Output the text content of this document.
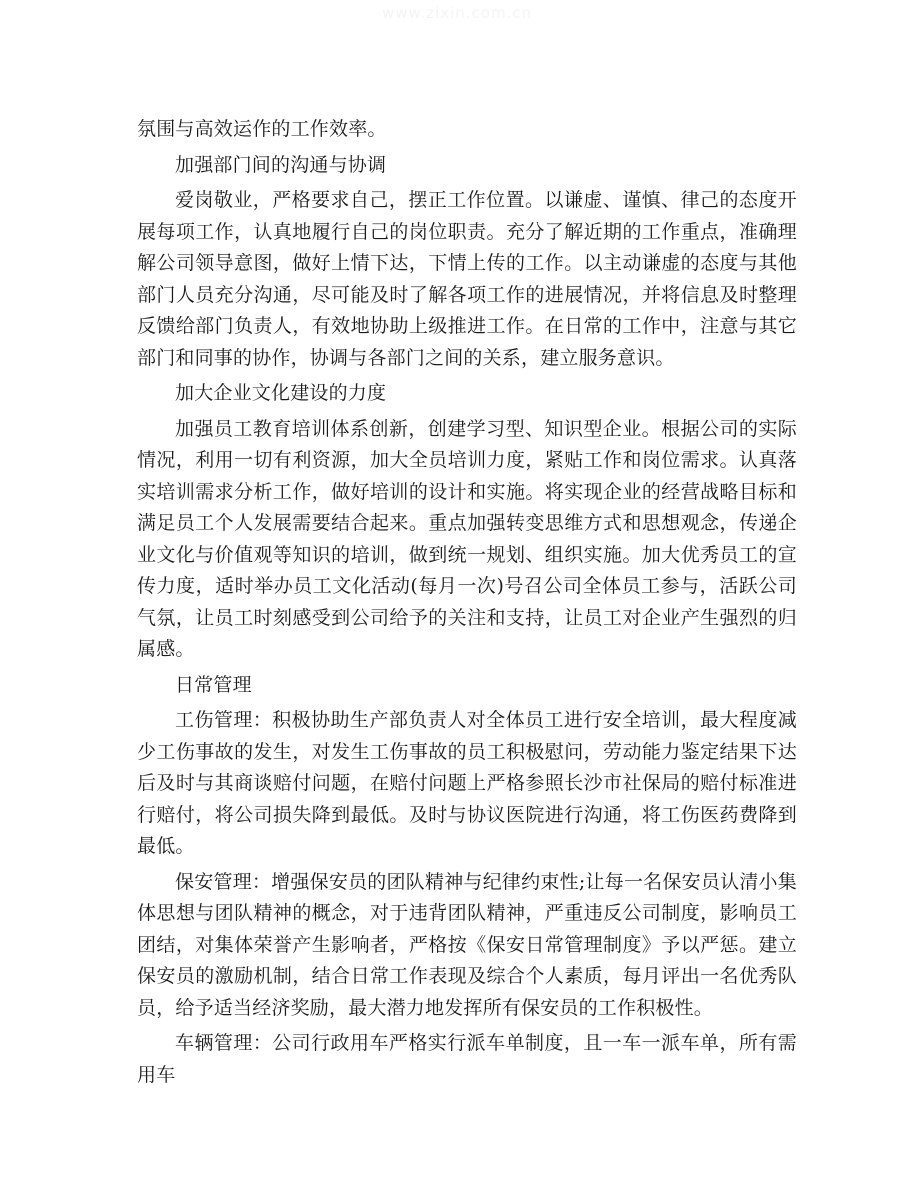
www.zixin.com.cn

氛围与高效运作的工作效率。

加强部门间的沟通与协调

爱岗敬业，严格要求自己，摆正工作位置。以谦虚、谨慎、律己的态度开展每项工作，认真地履行自己的岗位职责。充分了解近期的工作重点，准确理解公司领导意图，做好上情下达，下情上传的工作。以主动谦虚的态度与其他部门人员充分沟通，尽可能及时了解各项工作的进展情况，并将信息及时整理反馈给部门负责人，有效地协助上级推进工作。在日常的工作中，注意与其它部门和同事的协作，协调与各部门之间的关系，建立服务意识。

加大企业文化建设的力度

加强员工教育培训体系创新，创建学习型、知识型企业。根据公司的实际情况，利用一切有利资源，加大全员培训力度，紧贴工作和岗位需求。认真落实培训需求分析工作，做好培训的设计和实施。将实现企业的经营战略目标和满足员工个人发展需要结合起来。重点加强转变思维方式和思想观念，传递企业文化与价值观等知识的培训，做到统一规划、组织实施。加大优秀员工的宣传力度，适时举办员工文化活动(每月一次)号召公司全体员工参与，活跃公司气氛，让员工时刻感受到公司给予的关注和支持，让员工对企业产生强烈的归属感。

日常管理

工伤管理：积极协助生产部负责人对全体员工进行安全培训，最大程度减少工伤事故的发生，对发生工伤事故的员工积极慰问，劳动能力鉴定结果下达后及时与其商谈赔付问题，在赔付问题上严格参照长沙市社保局的赔付标准进行赔付，将公司损失降到最低。及时与协议医院进行沟通，将工伤医药费降到最低。

保安管理：增强保安员的团队精神与纪律约束性;让每一名保安员认清小集体思想与团队精神的概念，对于违背团队精神，严重违反公司制度，影响员工团结，对集体荣誉产生影响者，严格按《保安日常管理制度》予以严惩。建立保安员的激励机制，结合日常工作表现及综合个人素质，每月评出一名优秀队员，给予适当经济奖励，最大潜力地发挥所有保安员的工作积极性。

车辆管理：公司行政用车严格实行派车单制度，且一车一派车单，所有需用车
